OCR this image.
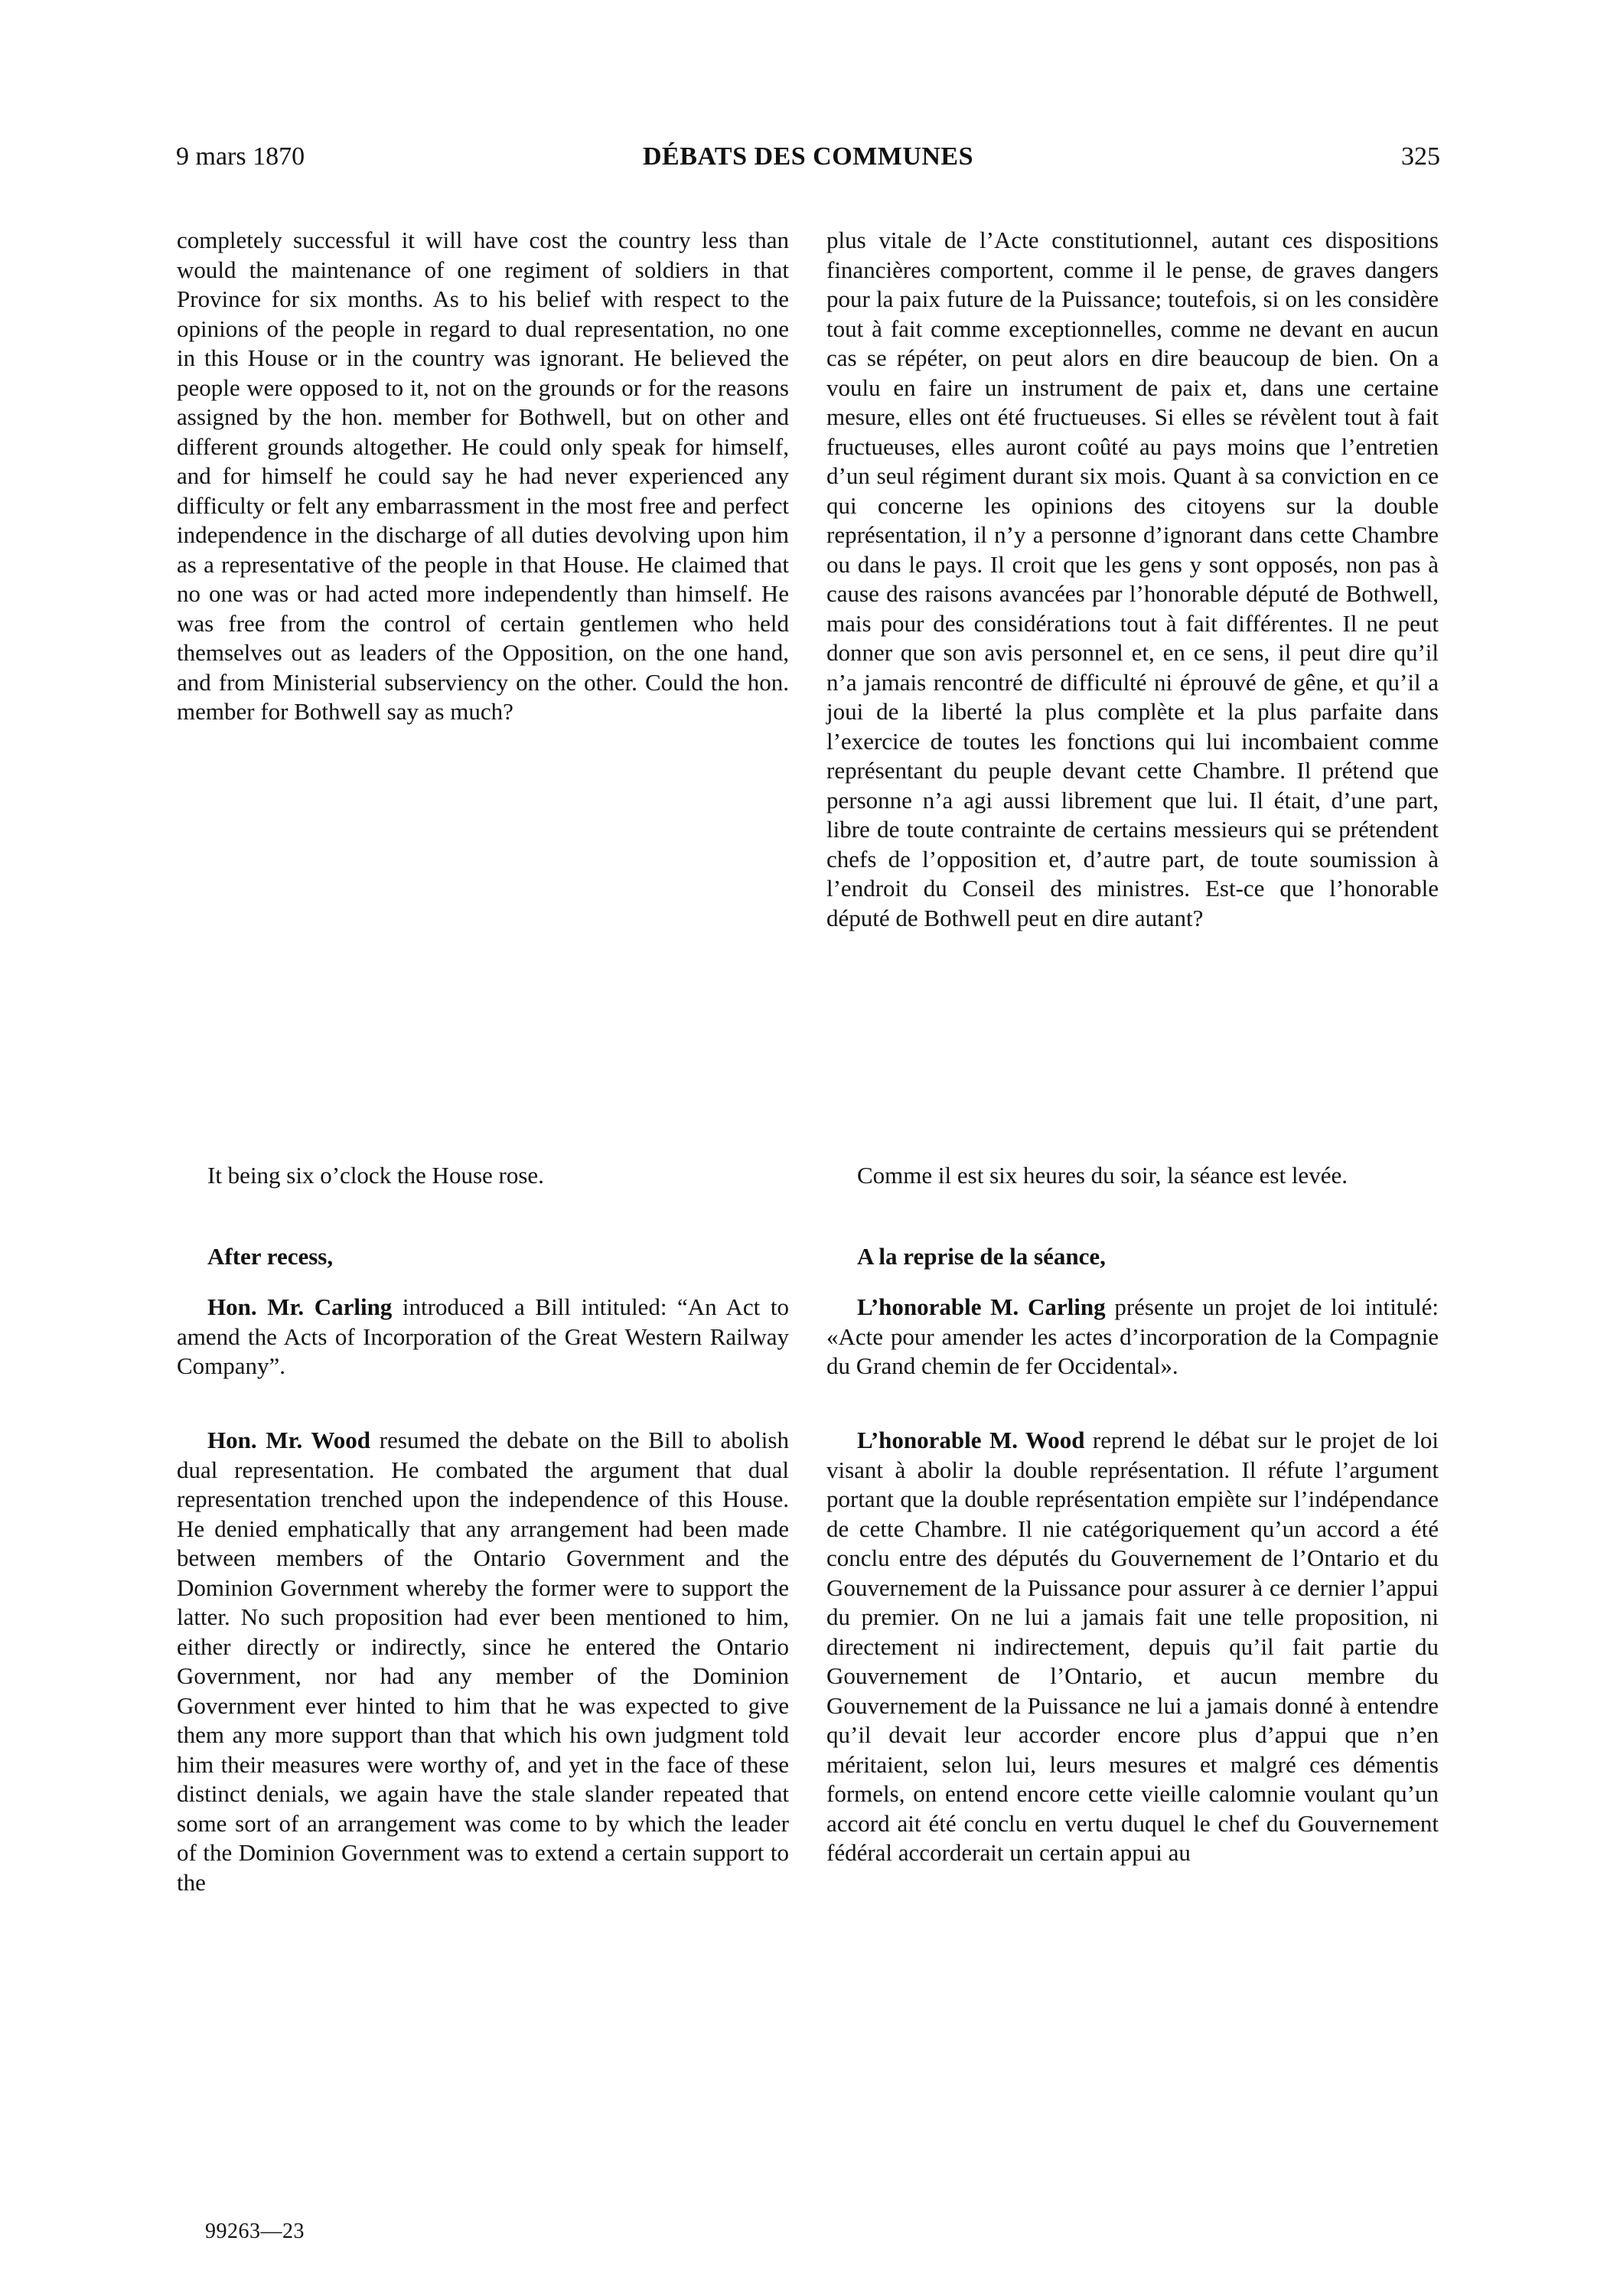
9 mars 1870	DÉBATS DES COMMUNES	325

completely successful it will have cost the country less than would the maintenance of one regiment of soldiers in that Province for six months. As to his belief with respect to the opinions of the people in regard to dual representation, no one in this House or in the country was ignorant. He believed the people were opposed to it, not on the grounds or for the reasons assigned by the hon. member for Bothwell, but on other and different grounds altogether. He could only speak for himself, and for himself he could say he had never experienced any difficulty or felt any embarrassment in the most free and perfect independence in the discharge of all duties devolving upon him as a representative of the people in that House. He claimed that no one was or had acted more independently than himself. He was free from the control of certain gentlemen who held themselves out as leaders of the Opposition, on the one hand, and from Ministerial subserviency on the other. Could the hon. member for Bothwell say as much?

It being six o’clock the House rose.

After recess,

Hon. Mr. Carling introduced a Bill intituled: “An Act to amend the Acts of Incorporation of the Great Western Railway Company”.

Hon. Mr. Wood resumed the debate on the Bill to abolish dual representation. He combated the argument that dual representation trenched upon the independence of this House. He denied emphatically that any arrangement had been made between members of the Ontario Government and the Dominion Government whereby the former were to support the latter. No such proposition had ever been mentioned to him, either directly or indirectly, since he entered the Ontario Government, nor had any member of the Dominion Government ever hinted to him that he was expected to give them any more support than that which his own judgment told him their measures were worthy of, and yet in the face of these distinct denials, we again have the stale slander repeated that some sort of an arrangement was come to by which the leader of the Dominion Government was to extend a certain support to the

plus vitale de l’Acte constitutionnel, autant ces dispositions financières comportent, comme il le pense, de graves dangers pour la paix future de la Puissance; toutefois, si on les considère tout à fait comme exceptionnelles, comme ne devant en aucun cas se répéter, on peut alors en dire beaucoup de bien. On a voulu en faire un instrument de paix et, dans une certaine mesure, elles ont été fructueuses. Si elles se révèlent tout à fait fructueuses, elles auront coûté au pays moins que l’entretien d’un seul régiment durant six mois. Quant à sa conviction en ce qui concerne les opinions des citoyens sur la double représentation, il n’y a personne d’ignorant dans cette Chambre ou dans le pays. Il croit que les gens y sont opposés, non pas à cause des raisons avancées par l’honorable député de Bothwell, mais pour des considérations tout à fait différentes. Il ne peut donner que son avis personnel et, en ce sens, il peut dire qu’il n’a jamais rencontré de difficulté ni éprouvé de gêne, et qu’il a joui de la liberté la plus complète et la plus parfaite dans l’exercice de toutes les fonctions qui lui incombaient comme représentant du peuple devant cette Chambre. Il prétend que personne n’a agi aussi librement que lui. Il était, d’une part, libre de toute contrainte de certains messieurs qui se prétendent chefs de l’opposition et, d’autre part, de toute soumission à l’endroit du Conseil des ministres. Est-ce que l’honorable député de Bothwell peut en dire autant?

Comme il est six heures du soir, la séance est levée.

A la reprise de la séance,

L’honorable M. Carling présente un projet de loi intitulé: «Acte pour amender les actes d’incorporation de la Compagnie du Grand chemin de fer Occidental».

L’honorable M. Wood reprend le débat sur le projet de loi visant à abolir la double représentation. Il réfute l’argument portant que la double représentation empiète sur l’indépendance de cette Chambre. Il nie catégoriquement qu’un accord a été conclu entre des députés du Gouvernement de l’Ontario et du Gouvernement de la Puissance pour assurer à ce dernier l’appui du premier. On ne lui a jamais fait une telle proposition, ni directement ni indirectement, depuis qu’il fait partie du Gouvernement de l’Ontario, et aucun membre du Gouvernement de la Puissance ne lui a jamais donné à entendre qu’il devait leur accorder encore plus d’appui que n’en méritaient, selon lui, leurs mesures et malgré ces démentis formels, on entend encore cette vieille calomnie voulant qu’un accord ait été conclu en vertu duquel le chef du Gouvernement fédéral accorderait un certain appui au

99263—23
